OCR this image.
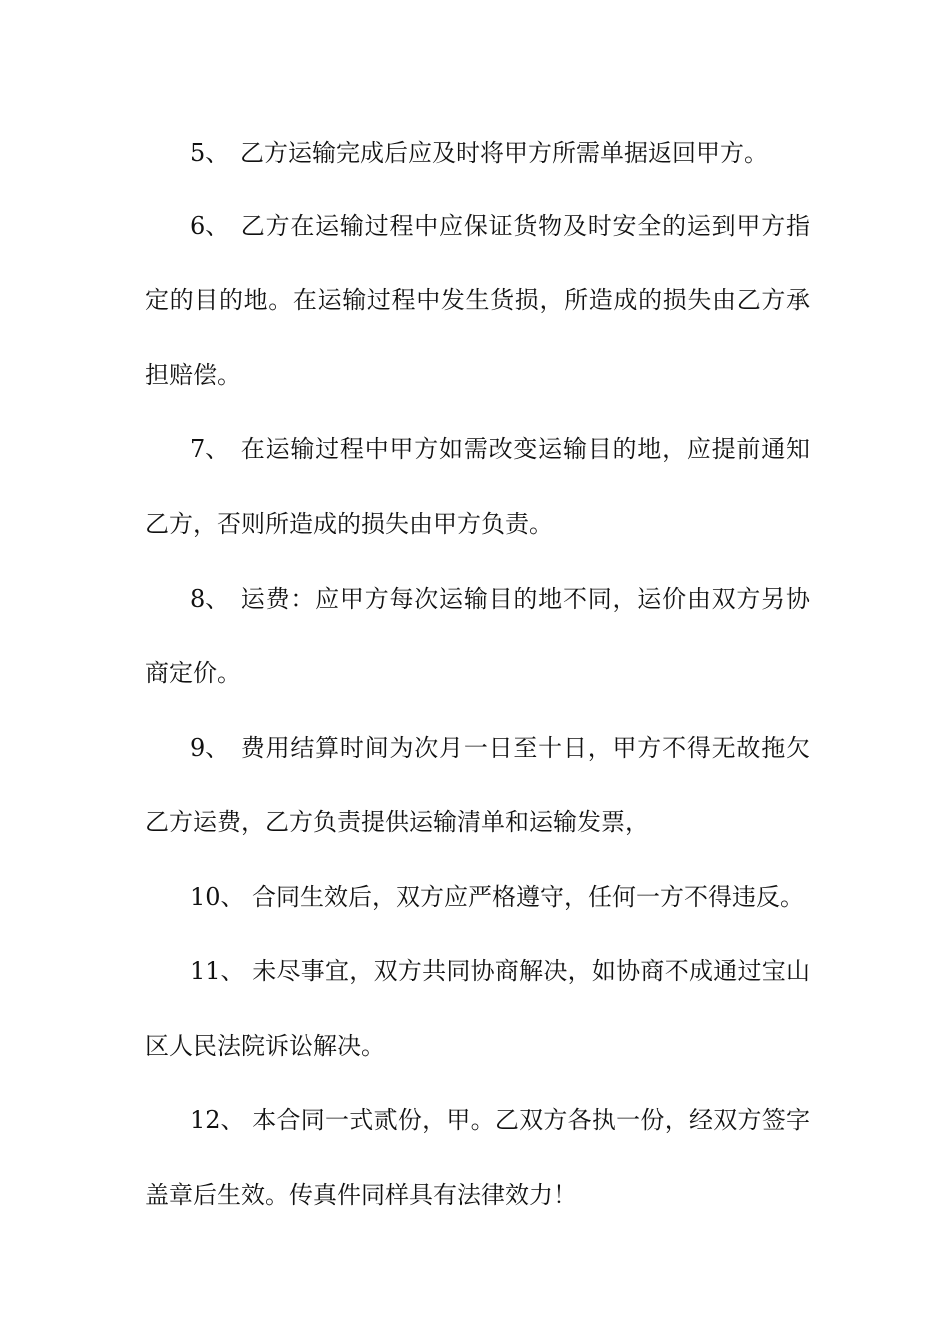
5、 乙方运输完成后应及时将甲方所需单据返回甲方。
6、 乙方在运输过程中应保证货物及时安全的运到甲方指
定的目的地。在运输过程中发生货损，所造成的损失由乙方承
担赔偿。
7、 在运输过程中甲方如需改变运输目的地，应提前通知
乙方，否则所造成的损失由甲方负责。
8、 运费：应甲方每次运输目的地不同，运价由双方另协
商定价。
9、 费用结算时间为次月一日至十日，甲方不得无故拖欠
乙方运费，乙方负责提供运输清单和运输发票，
10、 合同生效后，双方应严格遵守，任何一方不得违反。
11、 未尽事宜，双方共同协商解决，如协商不成通过宝山
区人民法院诉讼解决。
12、 本合同一式贰份，甲。乙双方各执一份，经双方签字
盖章后生效。传真件同样具有法律效力！
